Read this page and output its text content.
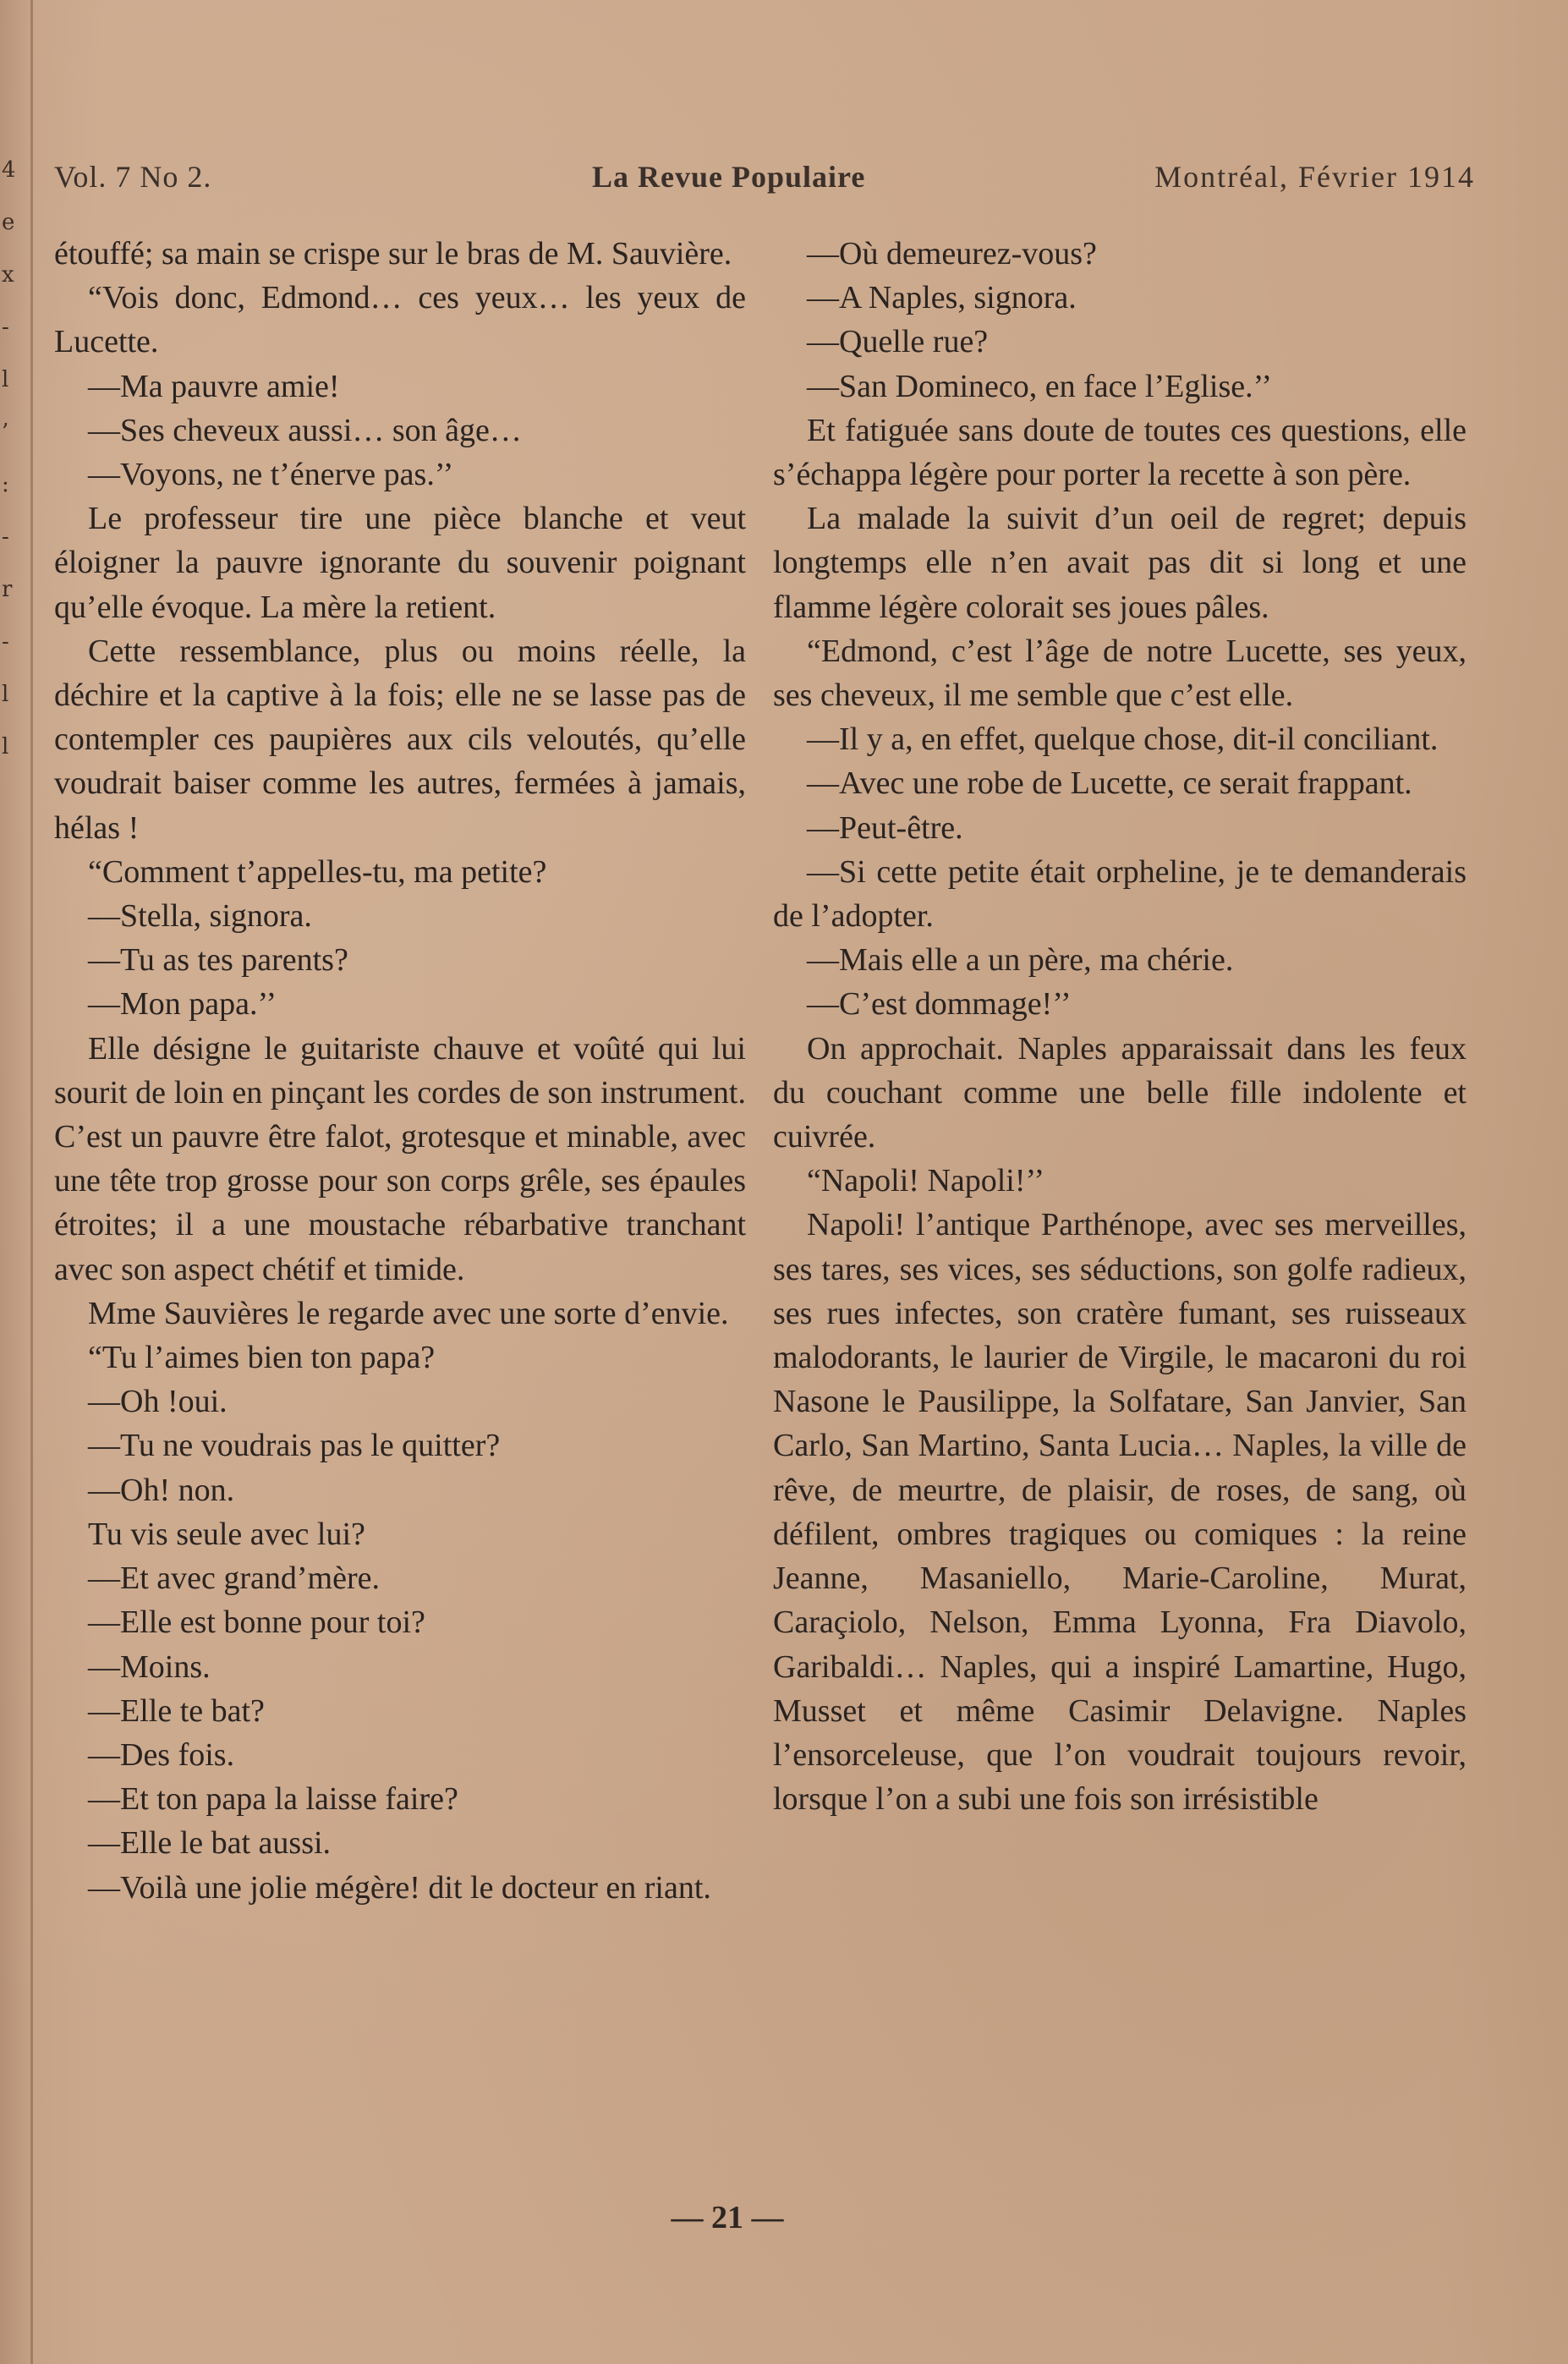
4
e
x
-
l
’
:
-
r
-
l
l
Vol. 7 No 2.	La Revue Populaire	Montréal, Février 1914

étouffé; sa main se crispe sur le bras de M. Sauvière.

“Vois donc, Edmond… ces yeux… les yeux de Lucette.

—Ma pauvre amie!

—Ses cheveux aussi… son âge…

—Voyons, ne t’énerve pas.’’

Le professeur tire une pièce blanche et veut éloigner la pauvre ignorante du souvenir poignant qu’elle évoque. La mère la retient.

Cette ressemblance, plus ou moins réelle, la déchire et la captive à la fois; elle ne se lasse pas de contempler ces paupières aux cils veloutés, qu’elle voudrait baiser comme les autres, fermées à jamais, hélas !

“Comment t’appelles-tu, ma petite?

—Stella, signora.

—Tu as tes parents?

—Mon papa.’’

Elle désigne le guitariste chauve et voûté qui lui sourit de loin en pinçant les cordes de son instrument. C’est un pauvre être falot, grotesque et minable, avec une tête trop grosse pour son corps grêle, ses épaules étroites; il a une moustache rébarbative tranchant avec son aspect chétif et timide.

Mme Sauvières le regarde avec une sorte d’envie.

“Tu l’aimes bien ton papa?

—Oh !oui.

—Tu ne voudrais pas le quitter?

—Oh! non.

Tu vis seule avec lui?

—Et avec grand’mère.

—Elle est bonne pour toi?

—Moins.

—Elle te bat?

—Des fois.

—Et ton papa la laisse faire?

—Elle le bat aussi.

—Voilà une jolie mégère! dit le docteur en riant.

—Où demeurez-vous?

—A Naples, signora.

—Quelle rue?

—San Domineco, en face l’Eglise.’’

Et fatiguée sans doute de toutes ces questions, elle s’échappa légère pour porter la recette à son père.

La malade la suivit d’un oeil de regret; depuis longtemps elle n’en avait pas dit si long et une flamme légère colorait ses joues pâles.

“Edmond, c’est l’âge de notre Lucette, ses yeux, ses cheveux, il me semble que c’est elle.

—Il y a, en effet, quelque chose, dit-il conciliant.

—Avec une robe de Lucette, ce serait frappant.

—Peut-être.

—Si cette petite était orpheline, je te demanderais de l’adopter.

—Mais elle a un père, ma chérie.

—C’est dommage!’’

On approchait. Naples apparaissait dans les feux du couchant comme une belle fille indolente et cuivrée.

“Napoli! Napoli!’’

Napoli! l’antique Parthénope, avec ses merveilles, ses tares, ses vices, ses séductions, son golfe radieux, ses rues infectes, son cratère fumant, ses ruisseaux malodorants, le laurier de Virgile, le macaroni du roi Nasone le Pausilippe, la Solfatare, San Janvier, San Carlo, San Martino, Santa Lucia… Naples, la ville de rêve, de meurtre, de plaisir, de roses, de sang, où défilent, ombres tragiques ou comiques : la reine Jeanne, Masaniello, Marie-Caroline, Murat, Caraçiolo, Nelson, Emma Lyonna, Fra Diavolo, Garibaldi… Naples, qui a inspiré Lamartine, Hugo, Musset et même Casimir Delavigne. Naples l’ensorceleuse, que l’on voudrait toujours revoir, lorsque l’on a subi une fois son irrésistible

— 21 —
